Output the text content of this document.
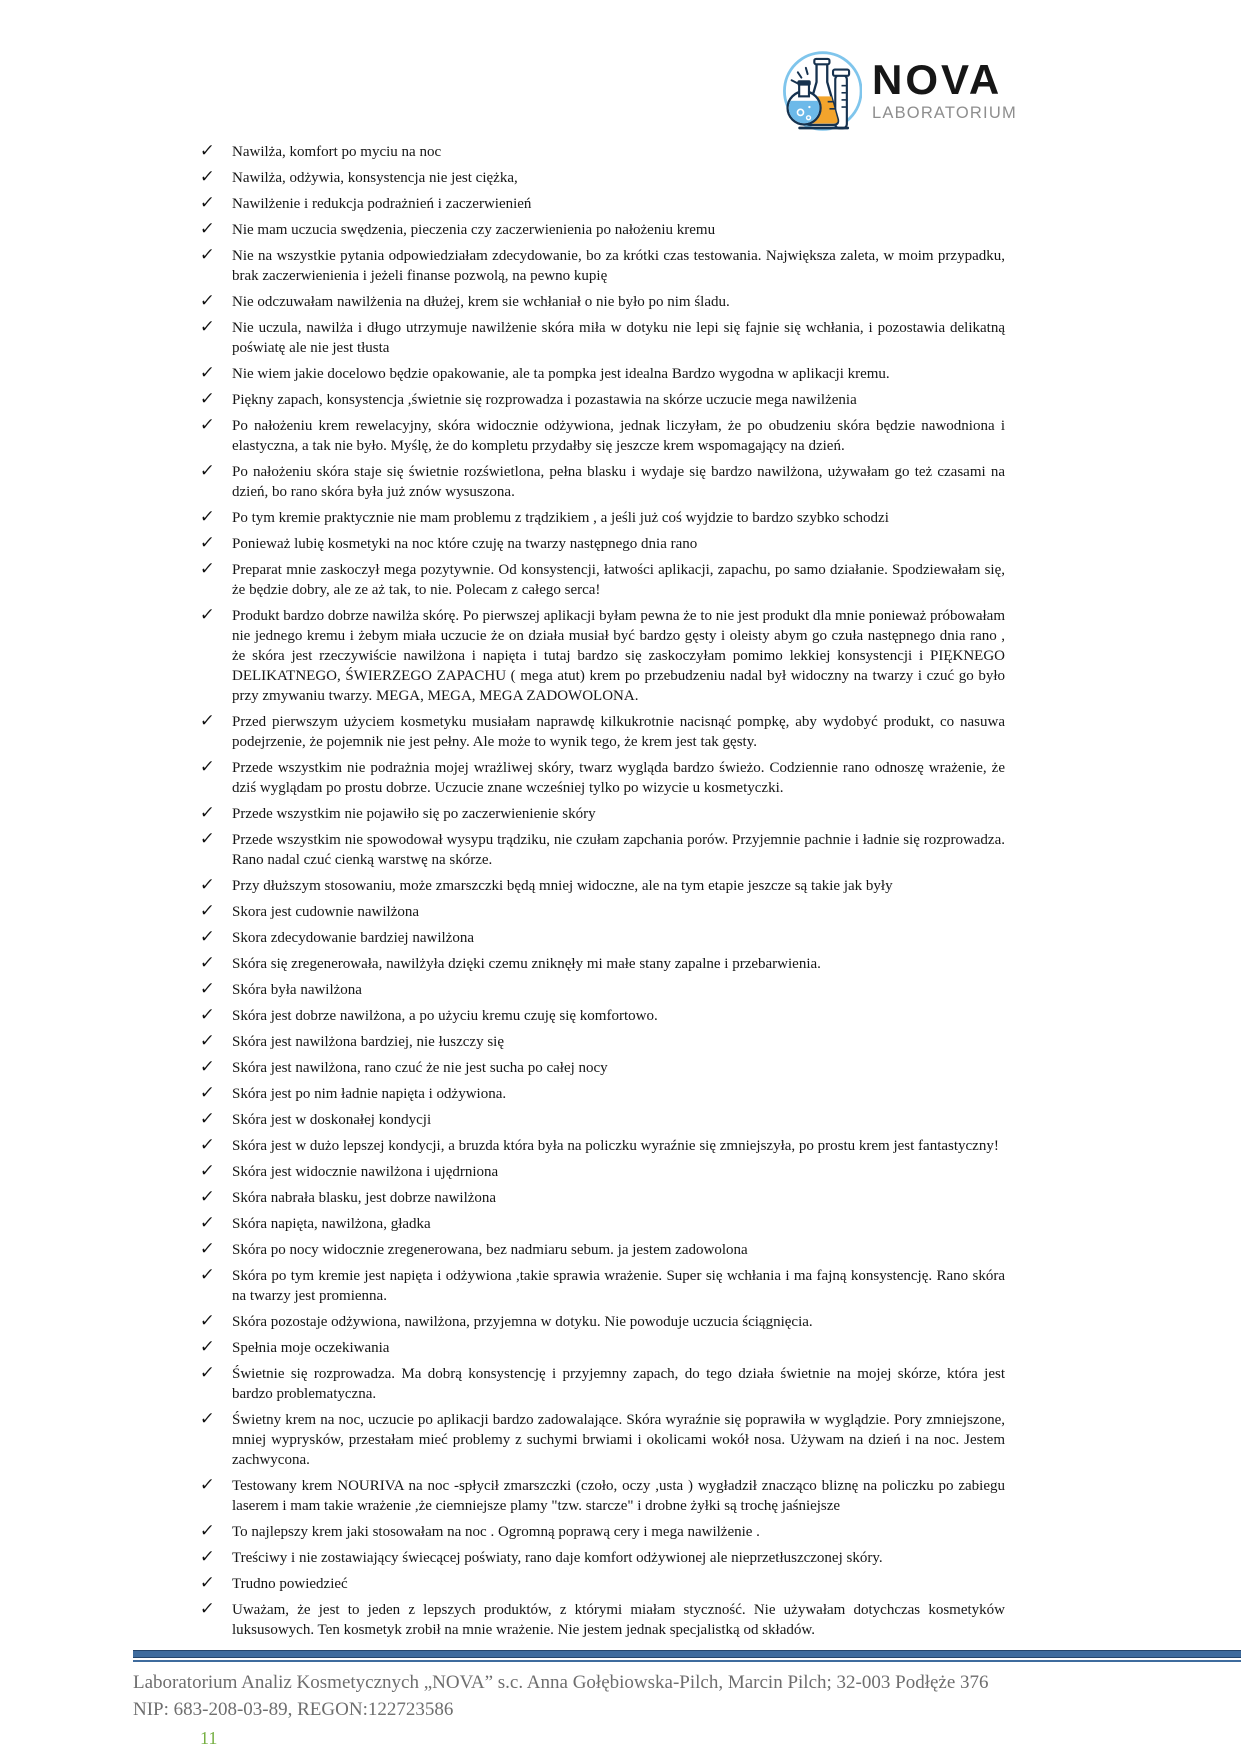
NOVA
LABORATORIUM
✓ Nawilża, komfort po myciu na noc
✓ Nawilża, odżywia, konsystencja nie jest ciężka,
✓ Nawilżenie i redukcja podrażnień i zaczerwienień
✓ Nie mam uczucia swędzenia, pieczenia czy zaczerwienienia po nałożeniu kremu
✓ Nie na wszystkie pytania odpowiedziałam zdecydowanie, bo za krótki czas testowania. Największa zaleta, w moim przypadku, brak zaczerwienienia i jeżeli finanse pozwolą, na pewno kupię
✓ Nie odczuwałam nawilżenia na dłużej, krem sie wchłaniał o nie było po nim śladu.
✓ Nie uczula, nawilża i długo utrzymuje nawilżenie skóra miła w dotyku nie lepi się fajnie się wchłania, i pozostawia delikatną poświatę ale nie jest tłusta
✓ Nie wiem jakie docelowo będzie opakowanie, ale ta pompka jest idealna Bardzo wygodna w aplikacji kremu.
✓ Piękny zapach, konsystencja ,świetnie się rozprowadza i pozastawia na skórze uczucie mega nawilżenia
✓ Po nałożeniu krem rewelacyjny, skóra widocznie odżywiona, jednak liczyłam, że po obudzeniu skóra będzie nawodniona i elastyczna, a tak nie było. Myślę, że do kompletu przydałby się jeszcze krem wspomagający na dzień.
✓ Po nałożeniu skóra staje się świetnie rozświetlona, pełna blasku i wydaje się bardzo nawilżona, używałam go też czasami na dzień, bo rano skóra była już znów wysuszona.
✓ Po tym kremie praktycznie nie mam problemu z trądzikiem , a jeśli już coś wyjdzie to bardzo szybko schodzi
✓ Ponieważ lubię kosmetyki na noc które czuję na twarzy następnego dnia rano
✓ Preparat mnie zaskoczył mega pozytywnie. Od konsystencji, łatwości aplikacji, zapachu, po samo działanie. Spodziewałam się, że będzie dobry, ale ze aż tak, to nie. Polecam z całego serca!
✓ Produkt bardzo dobrze nawilża skórę. Po pierwszej aplikacji byłam pewna że to nie jest produkt dla mnie ponieważ próbowałam nie jednego kremu i żebym miała uczucie że on działa musiał być bardzo gęsty i oleisty abym go czuła następnego dnia rano , że skóra jest rzeczywiście nawilżona i napięta i tutaj bardzo się zaskoczyłam pomimo lekkiej konsystencji i PIĘKNEGO DELIKATNEGO, ŚWIERZEGO ZAPACHU ( mega atut) krem po przebudzeniu nadal był widoczny na twarzy i czuć go było przy zmywaniu twarzy. MEGA, MEGA, MEGA ZADOWOLONA.
✓ Przed pierwszym użyciem kosmetyku musiałam naprawdę kilkukrotnie nacisnąć pompkę, aby wydobyć produkt, co nasuwa podejrzenie, że pojemnik nie jest pełny. Ale może to wynik tego, że krem jest tak gęsty.
✓ Przede wszystkim nie podrażnia mojej wrażliwej skóry, twarz wygląda bardzo świeżo. Codziennie rano odnoszę wrażenie, że dziś wyglądam po prostu dobrze. Uczucie znane wcześniej tylko po wizycie u kosmetyczki.
✓ Przede wszystkim nie pojawiło się po zaczerwienienie skóry
✓ Przede wszystkim nie spowodował wysypu trądziku, nie czułam zapchania porów. Przyjemnie pachnie i ładnie się rozprowadza. Rano nadal czuć cienką warstwę na skórze.
✓ Przy dłuższym stosowaniu, może zmarszczki będą mniej widoczne, ale na tym etapie jeszcze są takie jak były
✓ Skora jest cudownie nawilżona
✓ Skora zdecydowanie bardziej nawilżona
✓ Skóra się zregenerowała, nawilżyła dzięki czemu zniknęły mi małe stany zapalne i przebarwienia.
✓ Skóra była nawilżona
✓ Skóra jest dobrze nawilżona, a po użyciu kremu czuję się komfortowo.
✓ Skóra jest nawilżona bardziej, nie łuszczy się
✓ Skóra jest nawilżona, rano czuć że nie jest sucha po całej nocy
✓ Skóra jest po nim ładnie napięta i odżywiona.
✓ Skóra jest w doskonałej kondycji
✓ Skóra jest w dużo lepszej kondycji, a bruzda która była na policzku wyraźnie się zmniejszyła, po prostu krem jest fantastyczny!
✓ Skóra jest widocznie nawilżona i ujędrniona
✓ Skóra nabrała blasku, jest dobrze nawilżona
✓ Skóra napięta, nawilżona, gładka
✓ Skóra po nocy widocznie zregenerowana, bez nadmiaru sebum. ja jestem zadowolona
✓ Skóra po tym kremie jest napięta i odżywiona ,takie sprawia wrażenie. Super się wchłania i ma fajną konsystencję. Rano skóra na twarzy jest promienna.
✓ Skóra pozostaje odżywiona, nawilżona, przyjemna w dotyku. Nie powoduje uczucia ściągnięcia.
✓ Spełnia moje oczekiwania
✓ Świetnie się rozprowadza. Ma dobrą konsystencję i przyjemny zapach, do tego działa świetnie na mojej skórze, która jest bardzo problematyczna.
✓ Świetny krem na noc, uczucie po aplikacji bardzo zadowalające. Skóra wyraźnie się poprawiła w wyglądzie. Pory zmniejszone, mniej wyprysków, przestałam mieć problemy z suchymi brwiami i okolicami wokół nosa. Używam na dzień i na noc. Jestem zachwycona.
✓ Testowany krem NOURIVA na noc -spłycił zmarszczki (czoło, oczy ,usta ) wygładził znacząco bliznę na policzku po zabiegu laserem i mam takie wrażenie ,że ciemniejsze plamy "tzw. starcze" i drobne żyłki są trochę jaśniejsze
✓ To najlepszy krem jaki stosowałam na noc . Ogromną poprawą cery i mega nawilżenie .
✓ Treściwy i nie zostawiający świecącej poświaty, rano daje komfort odżywionej ale nieprzetłuszczonej skóry.
✓ Trudno powiedzieć
✓ Uważam, że jest to jeden z lepszych produktów, z którymi miałam styczność. Nie używałam dotychczas kosmetyków luksusowych. Ten kosmetyk zrobił na mnie wrażenie. Nie jestem jednak specjalistką od składów.
Laboratorium Analiz Kosmetycznych „NOVA” s.c. Anna Gołębiowska-Pilch, Marcin Pilch; 32-003 Podłęże 376
NIP: 683-208-03-89, REGON:122723586
11
